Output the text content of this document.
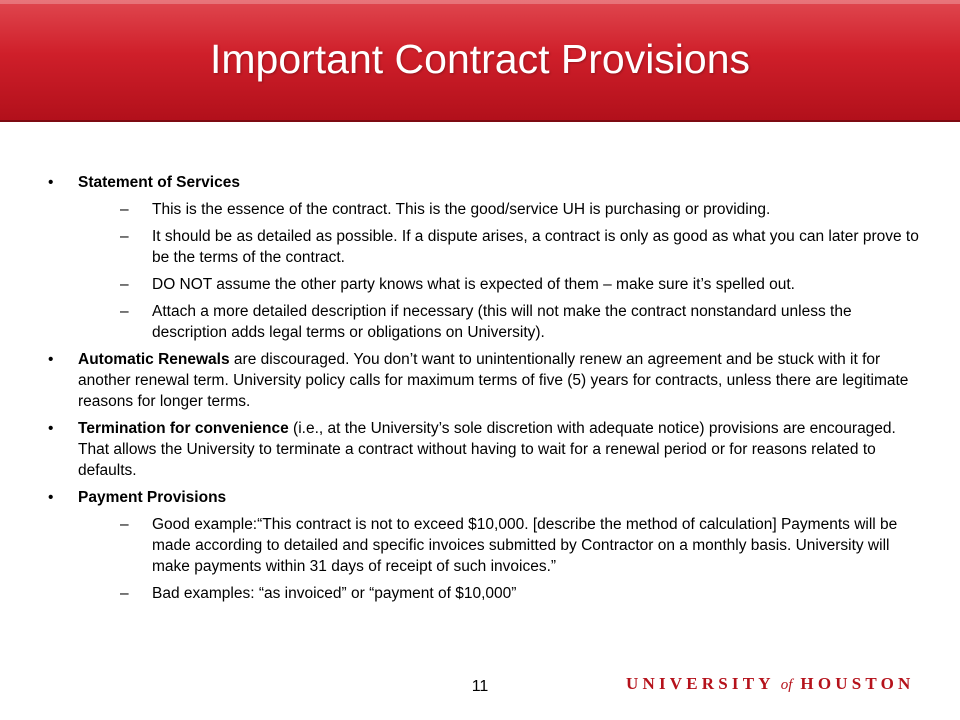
Important Contract Provisions
• Statement of Services
– This is the essence of the contract. This is the good/service UH is purchasing or providing.
– It should be as detailed as possible. If a dispute arises, a contract is only as good as what you can later prove to be the terms of the contract.
– DO NOT assume the other party knows what is expected of them – make sure it’s spelled out.
– Attach a more detailed description if necessary (this will not make the contract nonstandard unless the description adds legal terms or obligations on University).
• Automatic Renewals are discouraged. You don’t want to unintentionally renew an agreement and be stuck with it for another renewal term. University policy calls for maximum terms of five (5) years for contracts, unless there are legitimate reasons for longer terms.
• Termination for convenience (i.e., at the University’s sole discretion with adequate notice) provisions are encouraged. That allows the University to terminate a contract without having to wait for a renewal period or for reasons related to defaults.
• Payment Provisions
– Good example:“This contract is not to exceed $10,000. [describe the method of calculation] Payments will be made according to detailed and specific invoices submitted by Contractor on a monthly basis. University will make payments within 31 days of receipt of such invoices.”
– Bad examples: “as invoiced” or “payment of $10,000”
11	UNIVERSITY of HOUSTON
